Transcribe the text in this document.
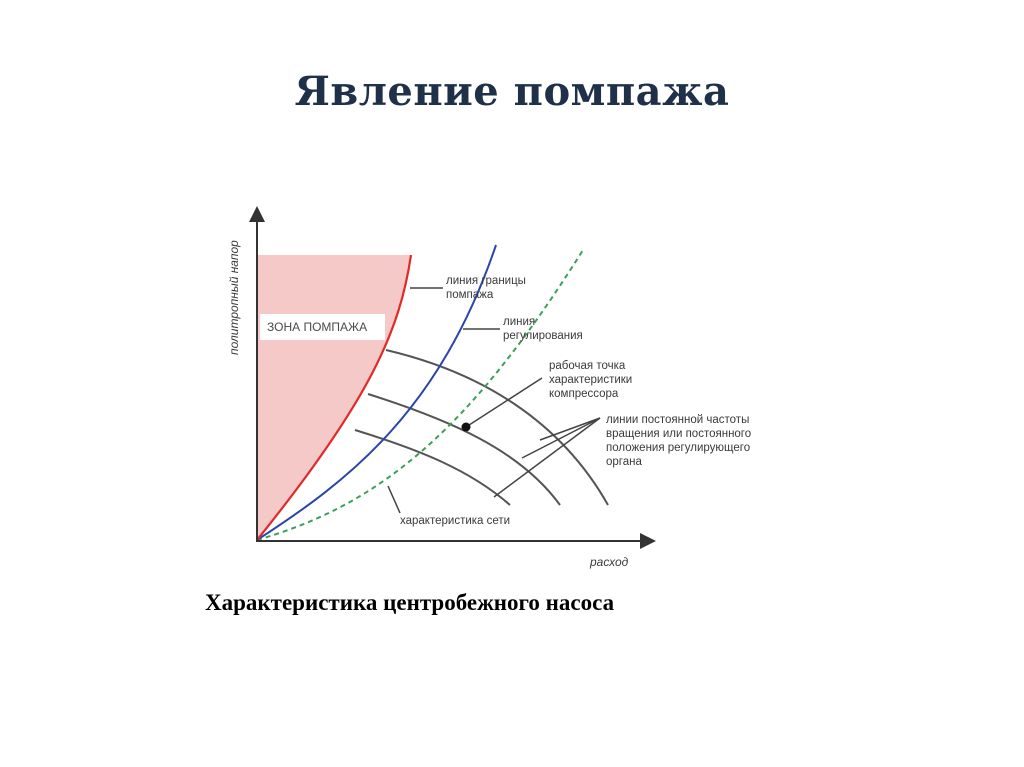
Явление помпажа
ЗОНА ПОМПАЖА
политропный напор
расход
линия границы помпажа
линия регулирования
рабочая точка характеристики компрессора
линии постоянной частоты вращения или постоянного положения регулирующего органа
характеристика сети
Характеристика центробежного насоса
